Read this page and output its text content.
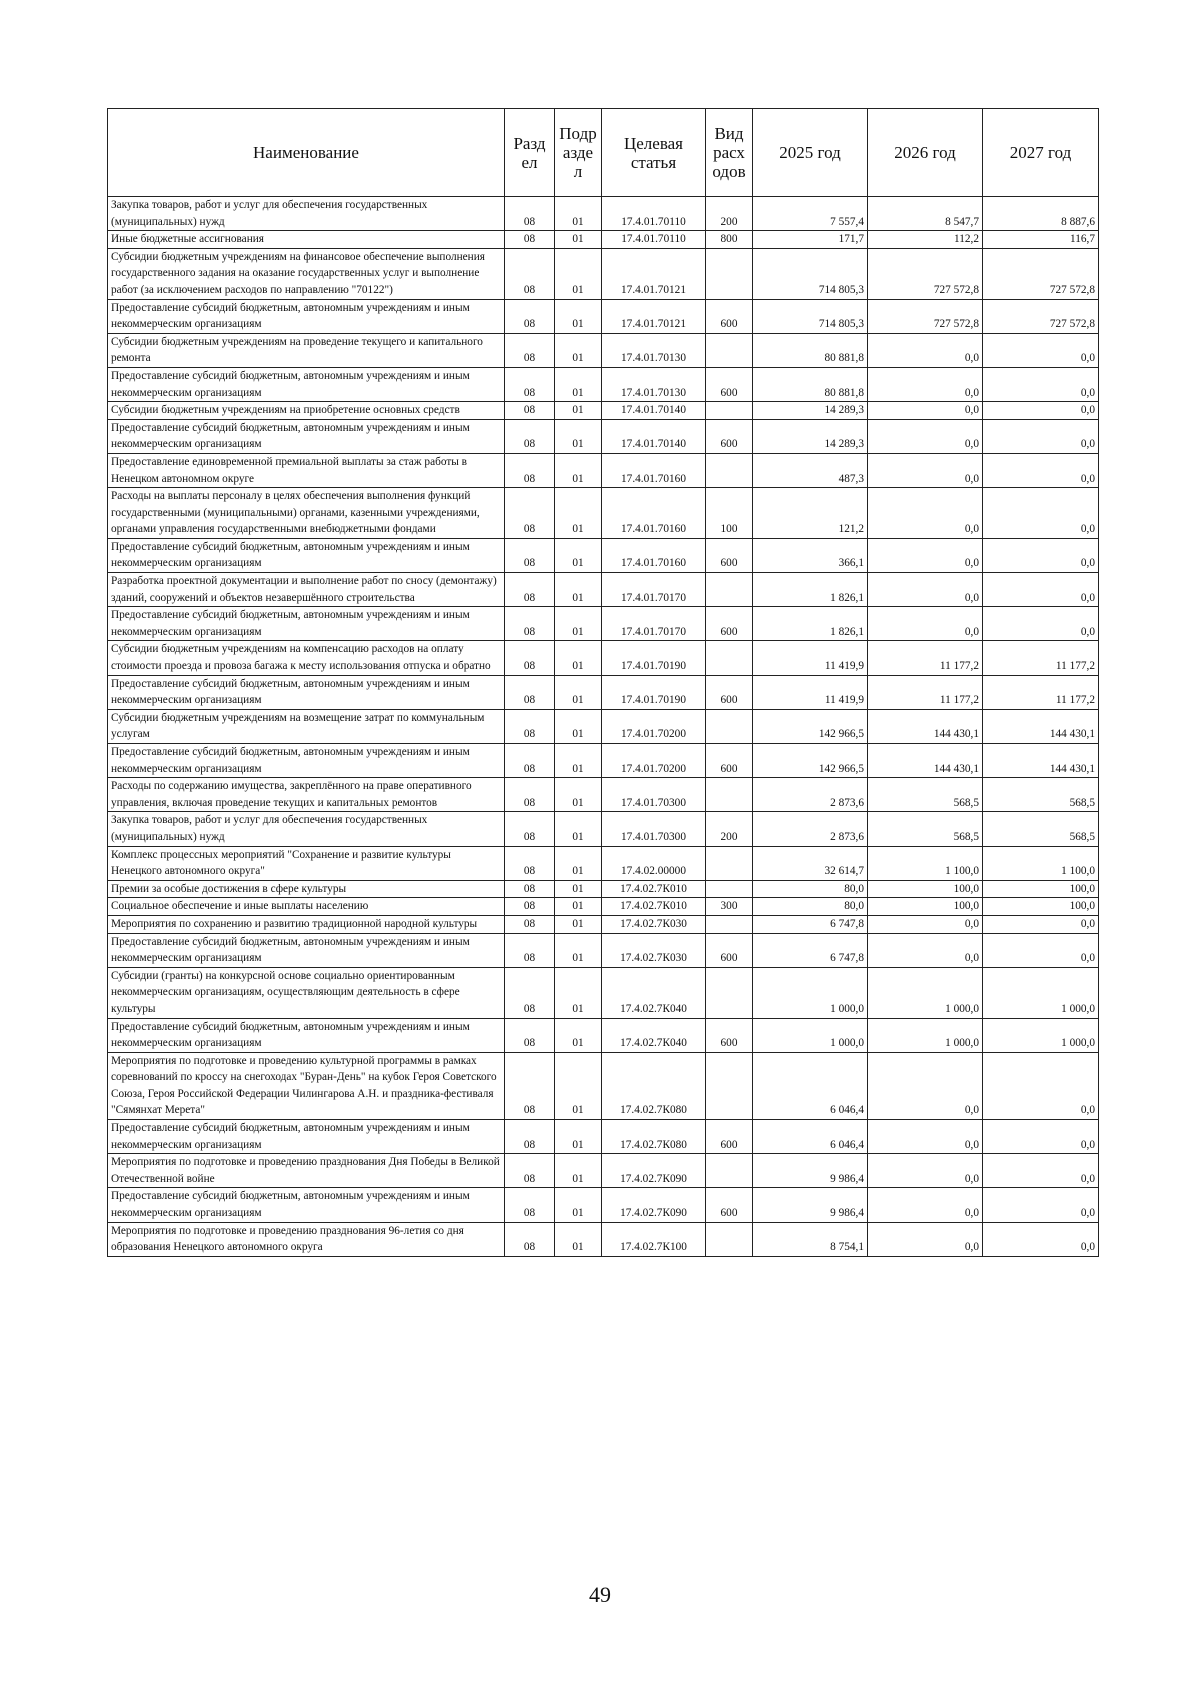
Наименование	Разд ел	Подр азде л	Целевая статья	Вид расх одов	2025 год	2026 год	2027 год
Закупка товаров, работ и услуг для обеспечения государственных (муниципальных) нужд	08	01	17.4.01.70110	200	7 557,4	8 547,7	8 887,6
Иные бюджетные ассигнования	08	01	17.4.01.70110	800	171,7	112,2	116,7
Субсидии бюджетным учреждениям на финансовое обеспечение выполнения государственного задания на оказание государственных услуг и выполнение работ (за исключением расходов по направлению "70122")	08	01	17.4.01.70121		714 805,3	727 572,8	727 572,8
Предоставление субсидий бюджетным, автономным учреждениям и иным некоммерческим организациям	08	01	17.4.01.70121	600	714 805,3	727 572,8	727 572,8
Субсидии бюджетным учреждениям на проведение текущего и капитального ремонта	08	01	17.4.01.70130		80 881,8	0,0	0,0
Предоставление субсидий бюджетным, автономным учреждениям и иным некоммерческим организациям	08	01	17.4.01.70130	600	80 881,8	0,0	0,0
Субсидии бюджетным учреждениям на приобретение основных средств	08	01	17.4.01.70140		14 289,3	0,0	0,0
Предоставление субсидий бюджетным, автономным учреждениям и иным некоммерческим организациям	08	01	17.4.01.70140	600	14 289,3	0,0	0,0
Предоставление единовременной премиальной выплаты за стаж работы в Ненецком автономном округе	08	01	17.4.01.70160		487,3	0,0	0,0
Расходы на выплаты персоналу в целях обеспечения выполнения функций государственными (муниципальными) органами, казенными учреждениями, органами управления государственными внебюджетными фондами	08	01	17.4.01.70160	100	121,2	0,0	0,0
Предоставление субсидий бюджетным, автономным учреждениям и иным некоммерческим организациям	08	01	17.4.01.70160	600	366,1	0,0	0,0
Разработка проектной документации и выполнение работ по сносу (демонтажу) зданий, сооружений и объектов незавершённого строительства	08	01	17.4.01.70170		1 826,1	0,0	0,0
Предоставление субсидий бюджетным, автономным учреждениям и иным некоммерческим организациям	08	01	17.4.01.70170	600	1 826,1	0,0	0,0
Субсидии бюджетным учреждениям на компенсацию расходов на оплату стоимости проезда и провоза багажа к месту использования отпуска и обратно	08	01	17.4.01.70190		11 419,9	11 177,2	11 177,2
Предоставление субсидий бюджетным, автономным учреждениям и иным некоммерческим организациям	08	01	17.4.01.70190	600	11 419,9	11 177,2	11 177,2
Субсидии бюджетным учреждениям на возмещение затрат по коммунальным услугам	08	01	17.4.01.70200		142 966,5	144 430,1	144 430,1
Предоставление субсидий бюджетным, автономным учреждениям и иным некоммерческим организациям	08	01	17.4.01.70200	600	142 966,5	144 430,1	144 430,1
Расходы по содержанию имущества, закреплённого на праве оперативного управления, включая проведение текущих и капитальных ремонтов	08	01	17.4.01.70300		2 873,6	568,5	568,5
Закупка товаров, работ и услуг для обеспечения государственных (муниципальных) нужд	08	01	17.4.01.70300	200	2 873,6	568,5	568,5
Комплекс процессных мероприятий "Сохранение и развитие культуры Ненецкого автономного округа"	08	01	17.4.02.00000		32 614,7	1 100,0	1 100,0
Премии за особые достижения в сфере культуры	08	01	17.4.02.7К010		80,0	100,0	100,0
Социальное обеспечение и иные выплаты населению	08	01	17.4.02.7К010	300	80,0	100,0	100,0
Мероприятия по сохранению и развитию традиционной народной культуры	08	01	17.4.02.7К030		6 747,8	0,0	0,0
Предоставление субсидий бюджетным, автономным учреждениям и иным некоммерческим организациям	08	01	17.4.02.7К030	600	6 747,8	0,0	0,0
Субсидии (гранты) на конкурсной основе социально ориентированным некоммерческим организациям, осуществляющим деятельность в сфере культуры	08	01	17.4.02.7К040		1 000,0	1 000,0	1 000,0
Предоставление субсидий бюджетным, автономным учреждениям и иным некоммерческим организациям	08	01	17.4.02.7К040	600	1 000,0	1 000,0	1 000,0
Мероприятия по подготовке и проведению культурной программы в рамках соревнований по кроссу на снегоходах "Буран-День" на кубок Героя Советского Союза, Героя Российской Федерации Чилингарова А.Н. и праздника-фестиваля "Сямянхат Мерета"	08	01	17.4.02.7К080		6 046,4	0,0	0,0
Предоставление субсидий бюджетным, автономным учреждениям и иным некоммерческим организациям	08	01	17.4.02.7К080	600	6 046,4	0,0	0,0
Мероприятия по подготовке и проведению празднования Дня Победы в Великой Отечественной войне	08	01	17.4.02.7К090		9 986,4	0,0	0,0
Предоставление субсидий бюджетным, автономным учреждениям и иным некоммерческим организациям	08	01	17.4.02.7К090	600	9 986,4	0,0	0,0
Мероприятия по подготовке и проведению празднования 96-летия со дня образования Ненецкого автономного округа	08	01	17.4.02.7К100		8 754,1	0,0	0,0
49
